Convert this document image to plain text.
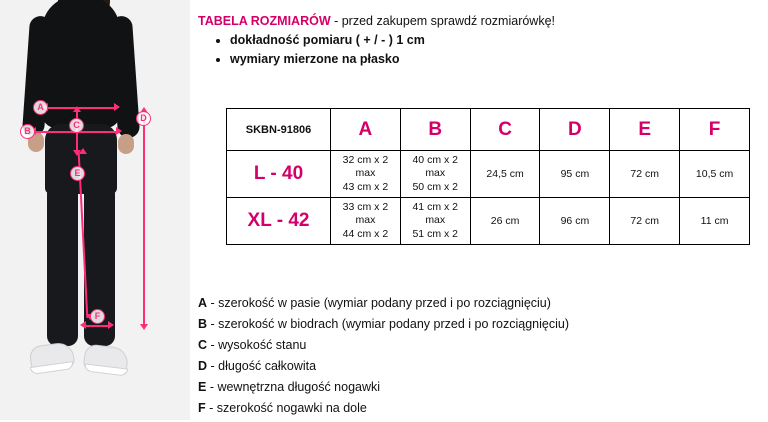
A
B
C
D
E
F
TABELA ROZMIARÓW - przed zakupem sprawdź rozmiarówkę!
• dokładność pomiaru ( + / - ) 1 cm
• wymiary mierzone na płasko
SKBN-91806	A	B	C	D	E	F
L - 40	32 cm x 2
max
43 cm x 2	40 cm x 2
max
50 cm x 2	24,5 cm	95 cm	72 cm	10,5 cm
XL - 42	33 cm x 2
max
44 cm x 2	41 cm x 2
max
51 cm x 2	26 cm	96 cm	72 cm	11 cm
A - szerokość w pasie (wymiar podany przed i po rozciągnięciu)
B - szerokość w biodrach (wymiar podany przed i po rozciągnięciu)
C - wysokość stanu
D - długość całkowita
E - wewnętrzna długość nogawki
F - szerokość nogawki na dole
